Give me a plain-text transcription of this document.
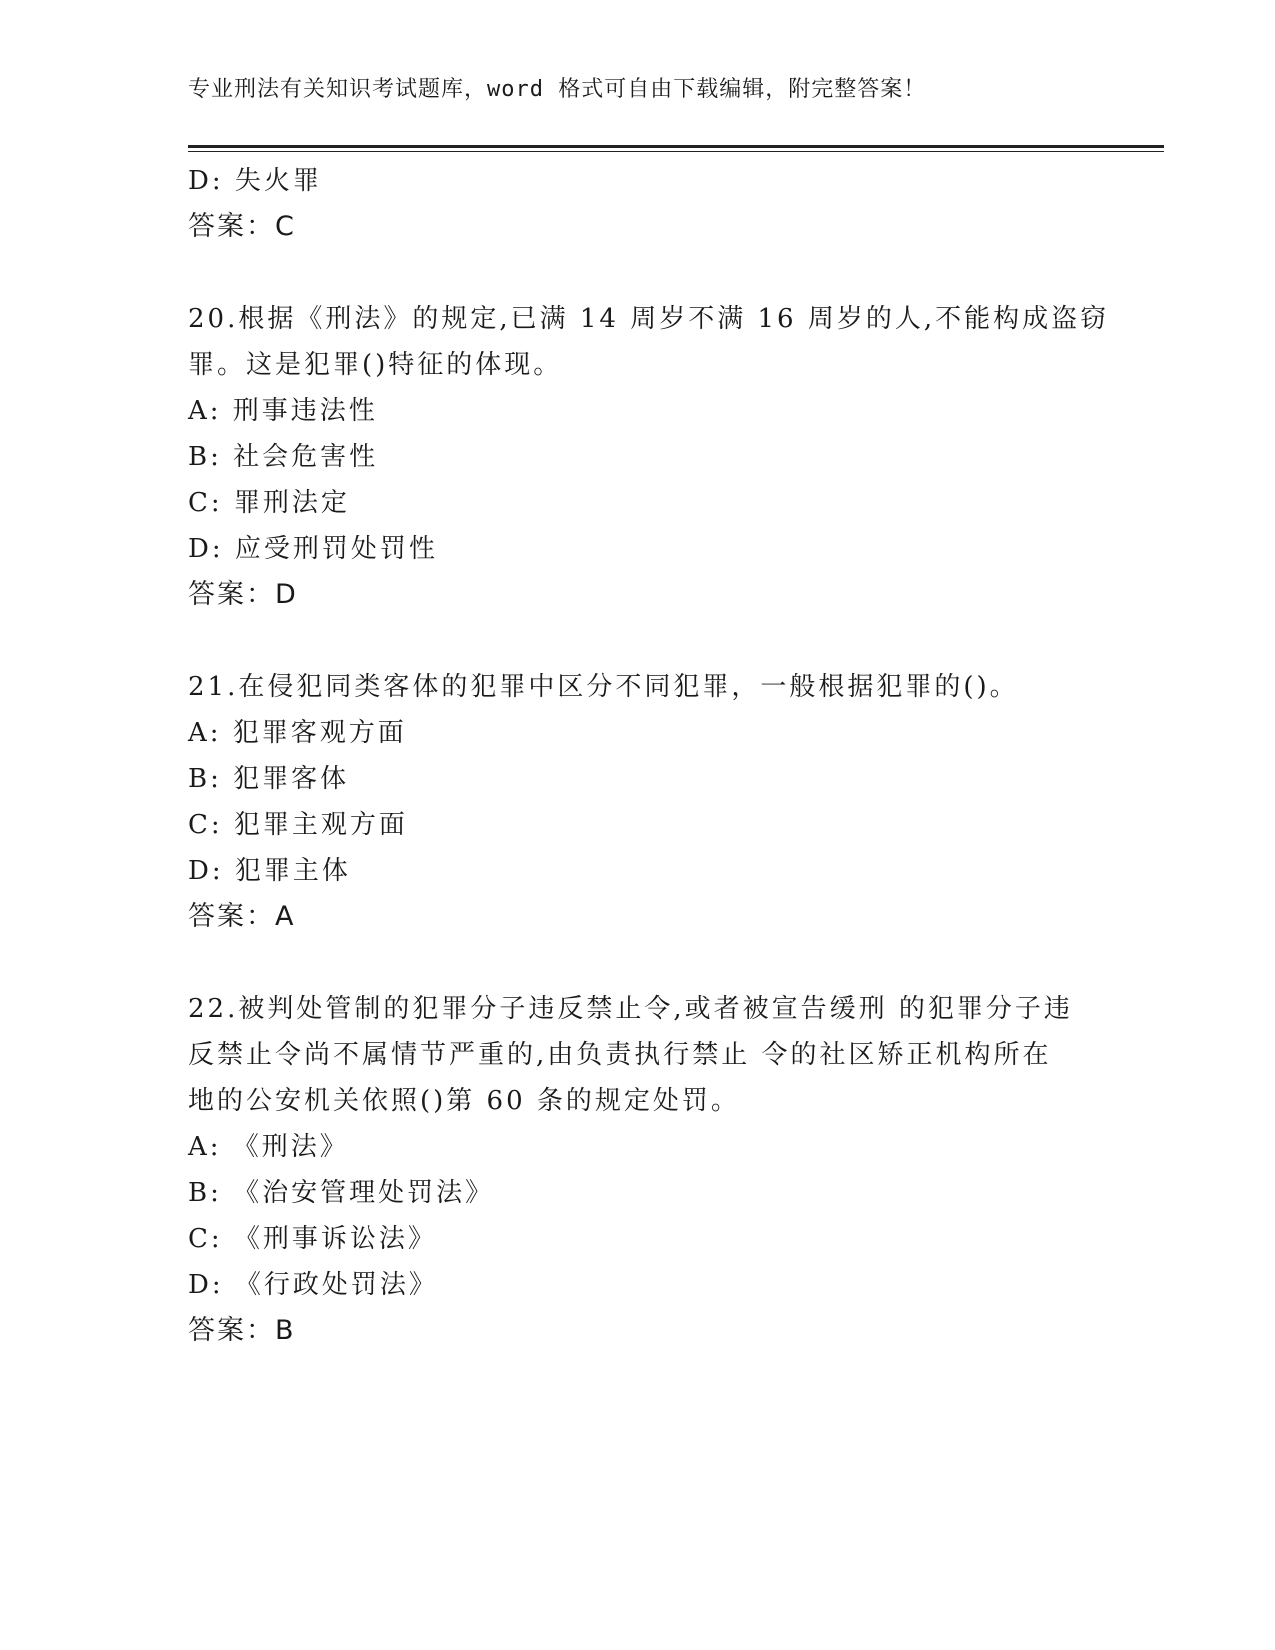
专业刑法有关知识考试题库，word 格式可自由下载编辑，附完整答案！

D: 失火罪

答案：C

20.根据《刑法》的规定,已满 14 周岁不满 16 周岁的人,不能构成盗窃

罪。这是犯罪()特征的体现。

A: 刑事违法性

B: 社会危害性

C: 罪刑法定

D: 应受刑罚处罚性

答案：D

21.在侵犯同类客体的犯罪中区分不同犯罪，一般根据犯罪的()。

A: 犯罪客观方面

B: 犯罪客体

C: 犯罪主观方面

D: 犯罪主体

答案：A

22.被判处管制的犯罪分子违反禁止令,或者被宣告缓刑 的犯罪分子违

反禁止令尚不属情节严重的,由负责执行禁止 令的社区矫正机构所在

地的公安机关依照()第 60 条的规定处罚。

A: 《刑法》

B: 《治安管理处罚法》

C: 《刑事诉讼法》

D: 《行政处罚法》

答案：B
